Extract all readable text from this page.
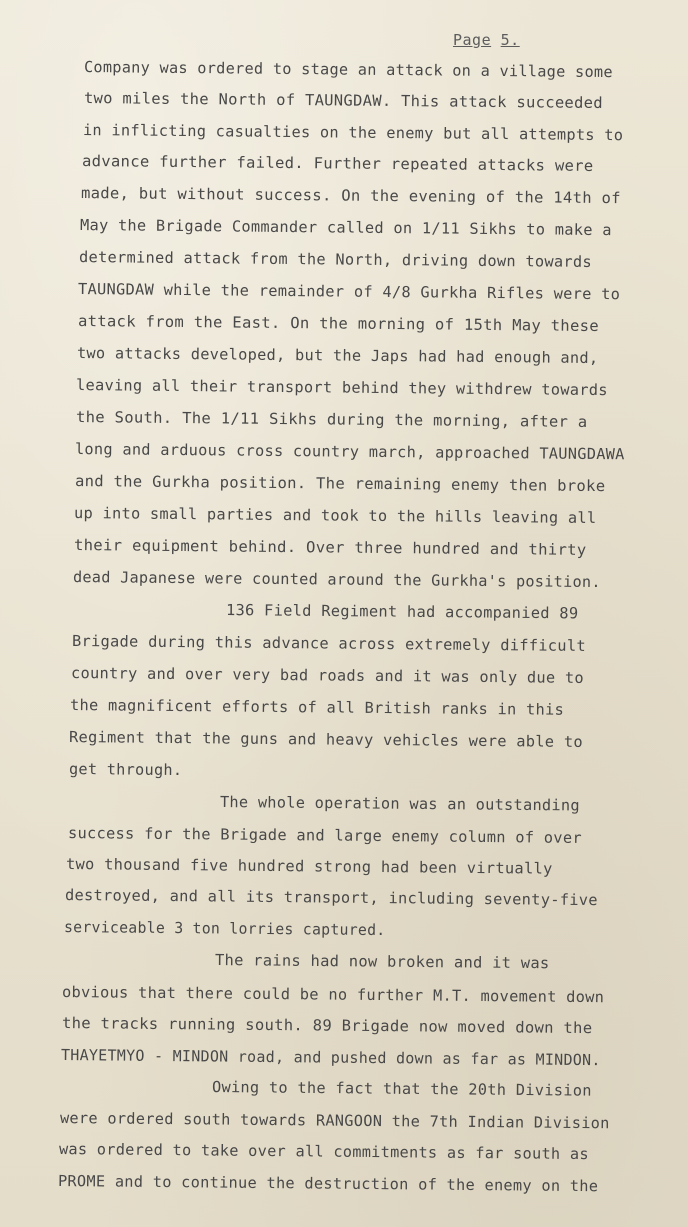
Page 5.
Company was ordered to stage an attack on a village some
two miles the North of TAUNGDAW. This attack succeeded
in inflicting casualties on the enemy but all attempts to
advance further failed. Further repeated attacks were
made, but without success. On the evening of the 14th of
May the Brigade Commander called on 1/11 Sikhs to make a
determined attack from the North, driving down towards
TAUNGDAW while the remainder of 4/8 Gurkha Rifles were to
attack from the East. On the morning of 15th May these
two attacks developed, but the Japs had had enough and,
leaving all their transport behind they withdrew towards
the South. The 1/11 Sikhs during the morning, after a
long and arduous cross country march, approached TAUNGDAWA
and the Gurkha position. The remaining enemy then broke
up into small parties and took to the hills leaving all
their equipment behind. Over three hundred and thirty
dead Japanese were counted around the Gurkha's position.
136 Field Regiment had accompanied 89
Brigade during this advance across extremely difficult
country and over very bad roads and it was only due to
the magnificent efforts of all British ranks in this
Regiment that the guns and heavy vehicles were able to
get through.
The whole operation was an outstanding
success for the Brigade and large enemy column of over
two thousand five hundred strong had been virtually
destroyed, and all its transport, including seventy-five
serviceable 3 ton lorries captured.
The rains had now broken and it was
obvious that there could be no further M.T. movement down
the tracks running south. 89 Brigade now moved down the
THAYETMYO - MINDON road, and pushed down as far as MINDON.
Owing to the fact that the 20th Division
were ordered south towards RANGOON the 7th Indian Division
was ordered to take over all commitments as far south as
PROME and to continue the destruction of the enemy on the
